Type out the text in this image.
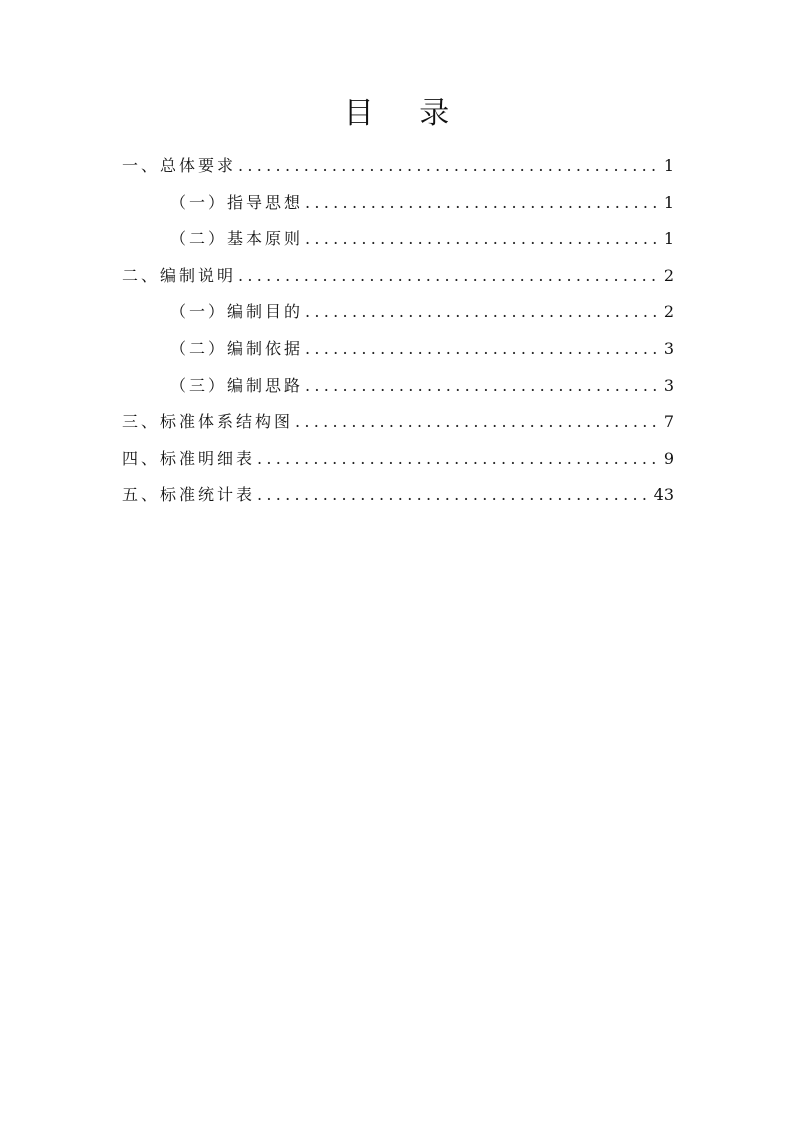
目 录
一、总体要求 .....	1
（一）指导思想 .....	1
（二）基本原则 .....	1
二、编制说明 .....	2
（一）编制目的 .....	2
（二）编制依据 .....	3
（三）编制思路 .....	3
三、标准体系结构图 .....	7
四、标准明细表 .....	9
五、标准统计表 .....	43
